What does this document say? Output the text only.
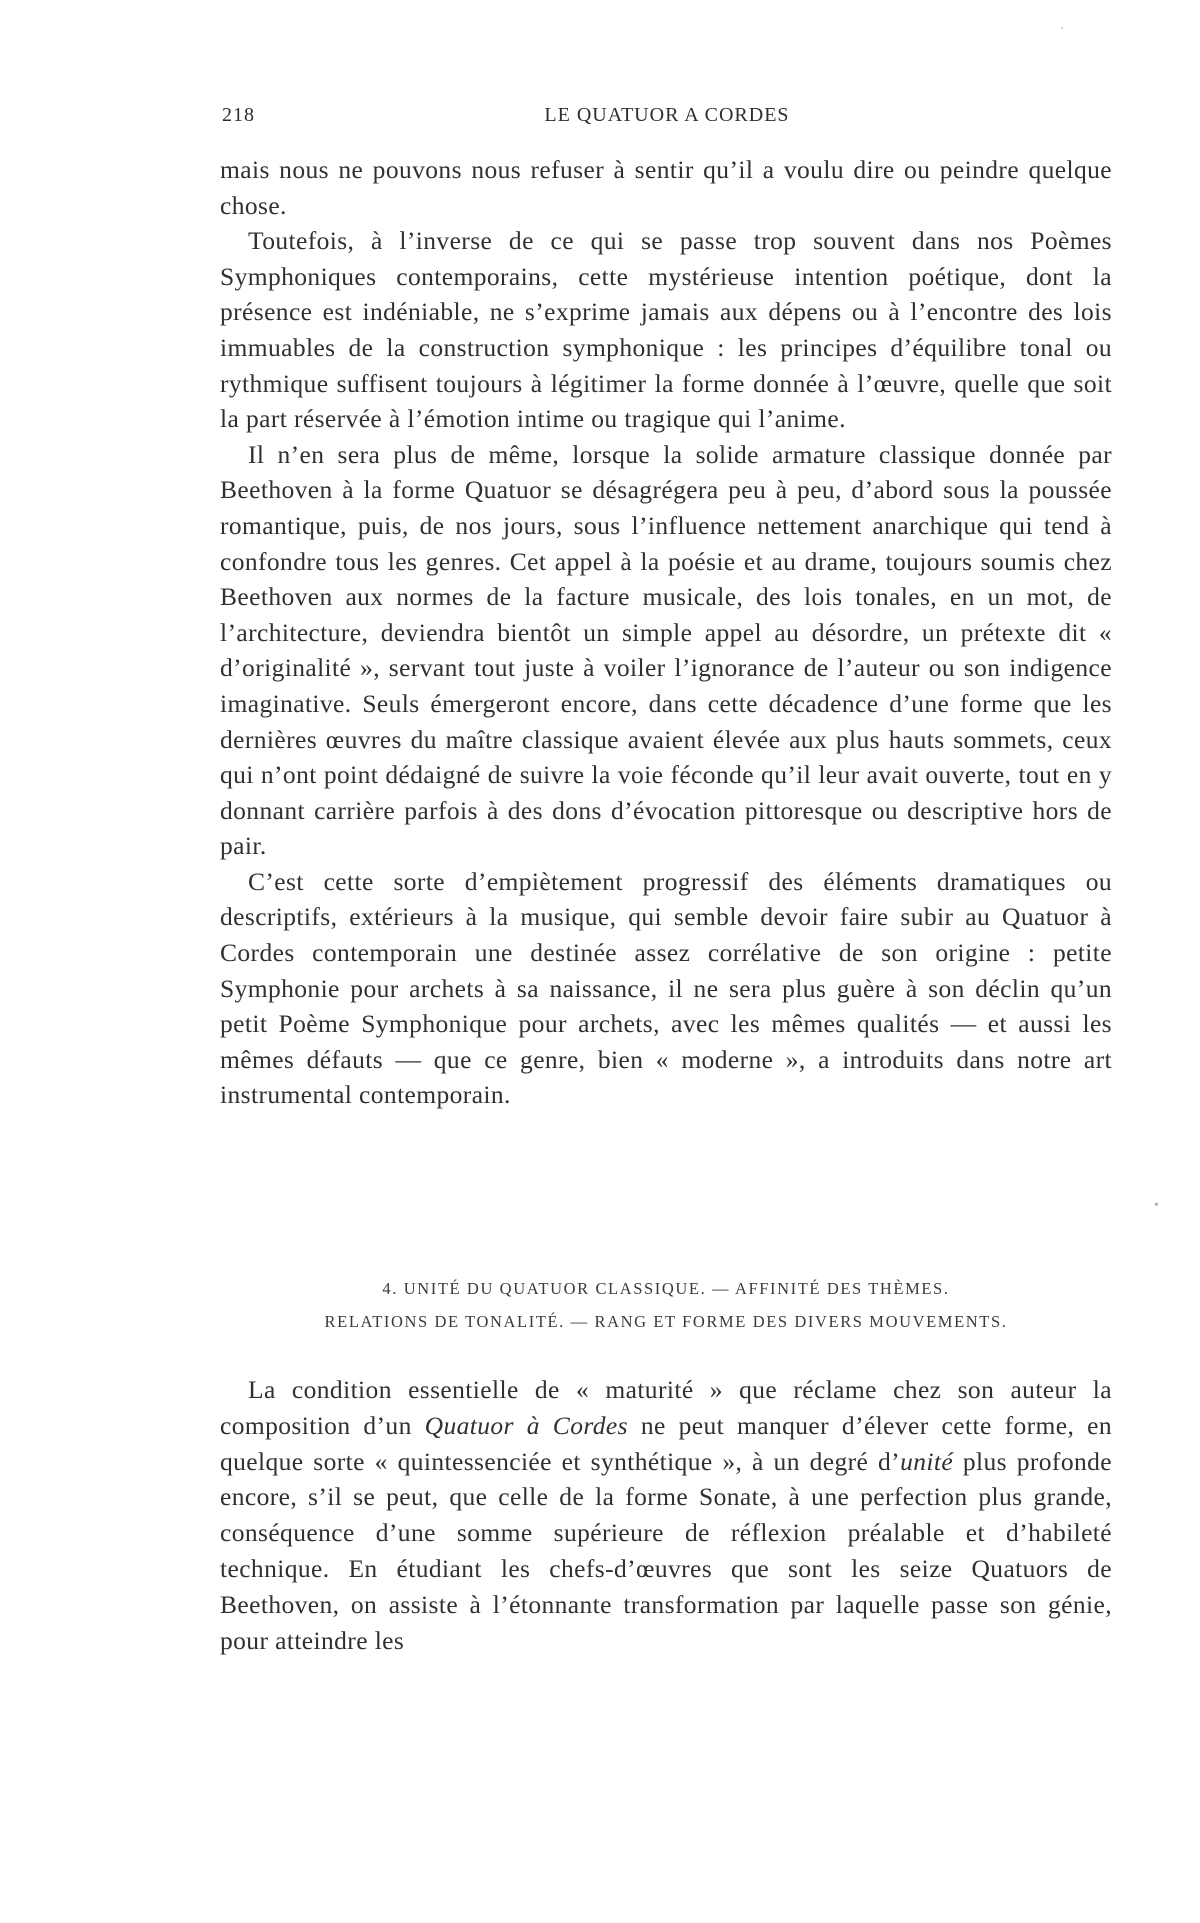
·
•
218	LE QUATUOR A CORDES

mais nous ne pouvons nous refuser à sentir qu’il a voulu dire ou peindre quelque chose.

Toutefois, à l’inverse de ce qui se passe trop souvent dans nos Poèmes Symphoniques contemporains, cette mystérieuse intention poétique, dont la présence est indéniable, ne s’exprime jamais aux dépens ou à l’encontre des lois immuables de la construction symphonique : les principes d’équilibre tonal ou rythmique suffisent toujours à légitimer la forme donnée à l’œuvre, quelle que soit la part réservée à l’émotion intime ou tragique qui l’anime.

Il n’en sera plus de même, lorsque la solide armature classique donnée par Beethoven à la forme Quatuor se désagrégera peu à peu, d’abord sous la poussée romantique, puis, de nos jours, sous l’influence nettement anarchique qui tend à confondre tous les genres. Cet appel à la poésie et au drame, toujours soumis chez Beethoven aux normes de la facture musicale, des lois tonales, en un mot, de l’architecture, deviendra bientôt un simple appel au désordre, un prétexte dit « d’originalité », servant tout juste à voiler l’ignorance de l’auteur ou son indigence imaginative. Seuls émergeront encore, dans cette décadence d’une forme que les dernières œuvres du maître classique avaient élevée aux plus hauts sommets, ceux qui n’ont point dédaigné de suivre la voie féconde qu’il leur avait ouverte, tout en y donnant carrière parfois à des dons d’évocation pittoresque ou descriptive hors de pair.

C’est cette sorte d’empiètement progressif des éléments dramatiques ou descriptifs, extérieurs à la musique, qui semble devoir faire subir au Quatuor à Cordes contemporain une destinée assez corrélative de son origine : petite Symphonie pour archets à sa naissance, il ne sera plus guère à son déclin qu’un petit Poème Symphonique pour archets, avec les mêmes qualités — et aussi les mêmes défauts — que ce genre, bien « moderne », a introduits dans notre art instrumental contemporain.

4. UNITÉ DU QUATUOR CLASSIQUE. — AFFINITÉ DES THÈMES.
RELATIONS DE TONALITÉ. — RANG ET FORME DES DIVERS MOUVEMENTS.

La condition essentielle de « maturité » que réclame chez son auteur la composition d’un Quatuor à Cordes ne peut manquer d’élever cette forme, en quelque sorte « quintessenciée et synthétique », à un degré d’unité plus profonde encore, s’il se peut, que celle de la forme Sonate, à une perfection plus grande, conséquence d’une somme supérieure de réflexion préalable et d’habileté technique. En étudiant les chefs-d’œuvres que sont les seize Quatuors de Beethoven, on assiste à l’étonnante transformation par laquelle passe son génie, pour atteindre les
